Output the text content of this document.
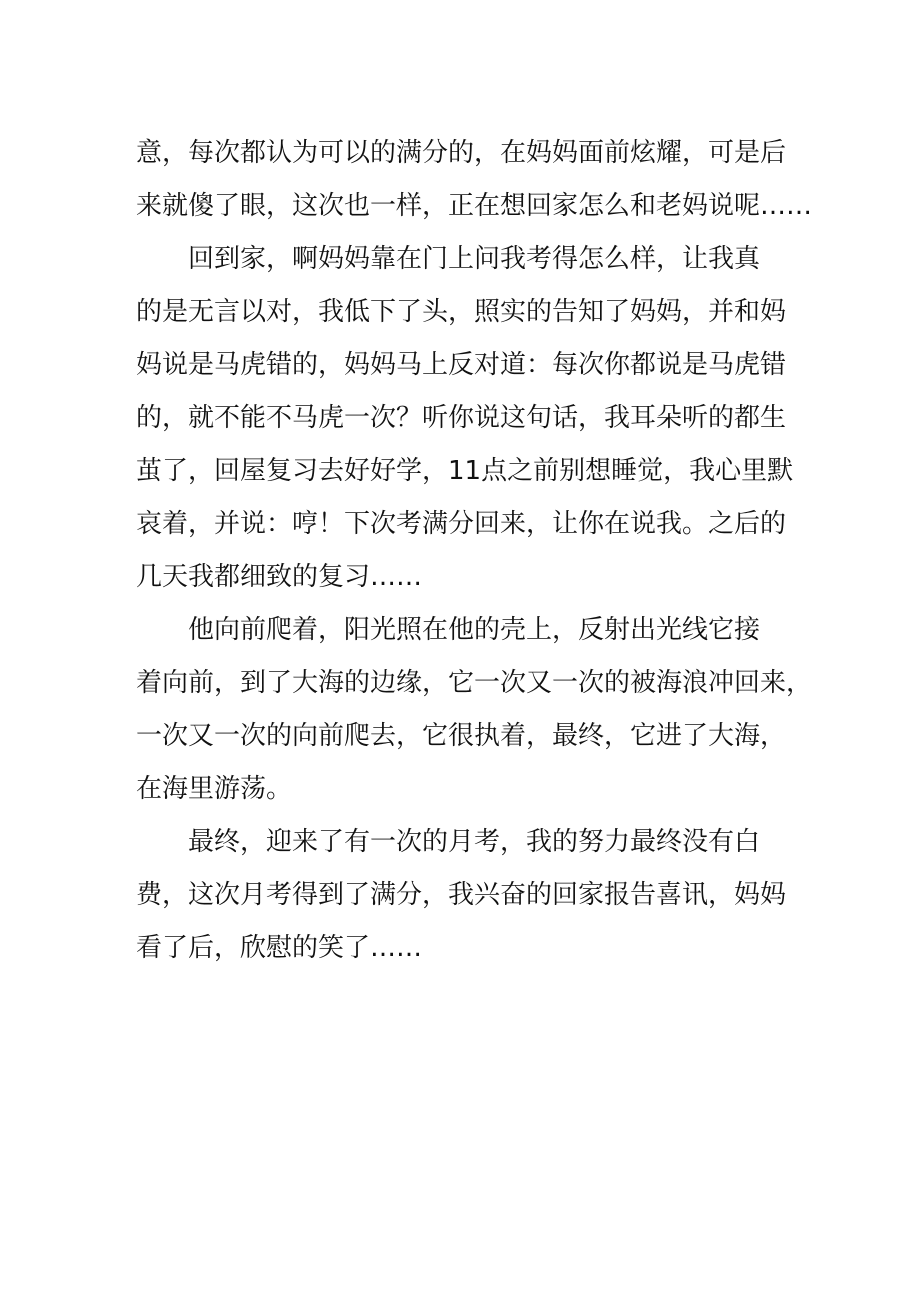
意，每次都认为可以的满分的，在妈妈面前炫耀，可是后
来就傻了眼，这次也一样，正在想回家怎么和老妈说呢……
　　回到家，啊妈妈靠在门上问我考得怎么样，让我真
的是无言以对，我低下了头，照实的告知了妈妈，并和妈
妈说是马虎错的，妈妈马上反对道：每次你都说是马虎错
的，就不能不马虎一次？听你说这句话，我耳朵听的都生
茧了，回屋复习去好好学，11点之前别想睡觉，我心里默
哀着，并说：哼！下次考满分回来，让你在说我。之后的
几天我都细致的复习……
　　他向前爬着，阳光照在他的壳上，反射出光线它接
着向前，到了大海的边缘，它一次又一次的被海浪冲回来，
一次又一次的向前爬去，它很执着，最终，它进了大海，
在海里游荡。
　　最终，迎来了有一次的月考，我的努力最终没有白
费，这次月考得到了满分，我兴奋的回家报告喜讯，妈妈
看了后，欣慰的笑了……
